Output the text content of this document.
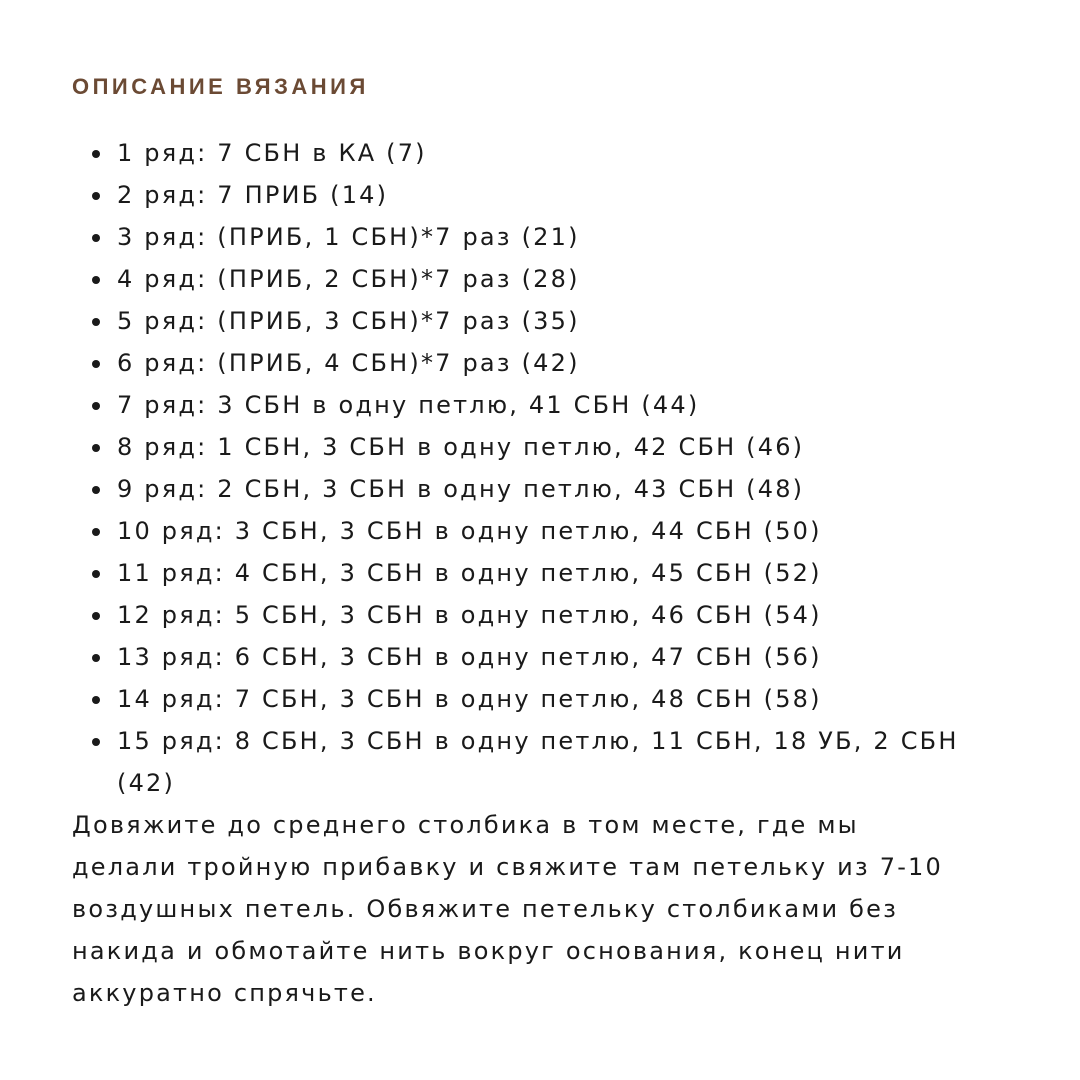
ОПИСАНИЕ ВЯЗАНИЯ
1 ряд: 7 СБН в КА (7)
2 ряд: 7 ПРИБ (14)
3 ряд: (ПРИБ, 1 СБН)*7 раз (21)
4 ряд: (ПРИБ, 2 СБН)*7 раз (28)
5 ряд: (ПРИБ, 3 СБН)*7 раз (35)
6 ряд: (ПРИБ, 4 СБН)*7 раз (42)
7 ряд: 3 СБН в одну петлю, 41 СБН (44)
8 ряд: 1 СБН, 3 СБН в одну петлю, 42 СБН (46)
9 ряд: 2 СБН, 3 СБН в одну петлю, 43 СБН (48)
10 ряд: 3 СБН, 3 СБН в одну петлю, 44 СБН (50)
11 ряд: 4 СБН, 3 СБН в одну петлю, 45 СБН (52)
12 ряд: 5 СБН, 3 СБН в одну петлю, 46 СБН (54)
13 ряд: 6 СБН, 3 СБН в одну петлю, 47 СБН (56)
14 ряд: 7 СБН, 3 СБН в одну петлю, 48 СБН (58)
15 ряд: 8 СБН, 3 СБН в одну петлю, 11 СБН, 18 УБ, 2 СБН (42)

Довяжите до среднего столбика в том месте, где мы делали тройную прибавку и свяжите там петельку из 7-10 воздушных петель. Обвяжите петельку столбиками без накида и обмотайте нить вокруг основания, конец нити аккуратно спрячьте.
